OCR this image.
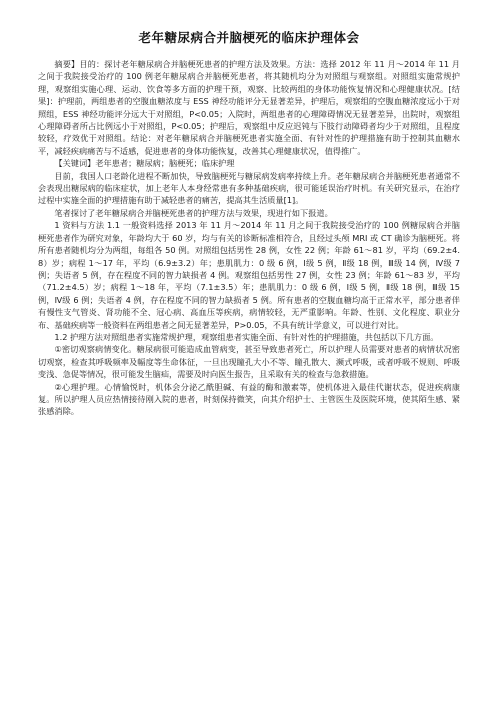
老年糖尿病合并脑梗死的临床护理体会

摘要】目的：探讨老年糖尿病合并脑梗死患者的护理方法及效果。方法：选择 2012 年 11 月～2014 年 11 月之间于我院接受治疗的 100 例老年糖尿病合并脑梗死患者，将其随机均分为对照组与观察组。对照组实施常规护理，观察组实施心理、运动、饮食等多方面的护理干预，观察、比较两组的身体功能恢复情况和心理健康状况。[结果]：护理前，两组患者的空腹血糖浓度与 ESS 神经功能评分无显著差异，护理后，观察组的空腹血糖浓度远小于对照组，ESS 神经功能评分远大于对照组，P<0.05；入院时，两组患者的心理障碍情况无显著差异，出院时，观察组心理障碍者所占比例远小于对照组，P<0.05；护理后，观察组中反应迟钝与下肢行动障碍者均少于对照组，且程度较轻，疗效优于对照组。结论：对老年糖尿病合并脑梗死患者实施全面、有针对性的护理措施有助于控制其血糖水平，减轻疾病痛苦与不适感，促进患者的身体功能恢复，改善其心理健康状况，值得推广。

【关键词】老年患者；糖尿病；脑梗死；临床护理

目前，我国人口老龄化进程不断加快，导致脑梗死与糖尿病发病率持续上升。老年糖尿病合并脑梗死患者通常不会表现出糖尿病的临床症状，加上老年人本身经常患有多种基础疾病，很可能延误治疗时机。有关研究显示，在治疗过程中实施全面的护理措施有助于减轻患者的痛苦，提高其生活质量[1]。

笔者探讨了老年糖尿病合并脑梗死患者的护理方法与效果，现进行如下报道。

1 资料与方法 1.1 一般资料选择 2013 年 11 月～2014 年 11 月之间于我院接受治疗的 100 例糖尿病合并脑梗死患者作为研究对象，年龄均大于 60 岁，均与有关的诊断标准相符合，且经过头颅 MRI 或 CT 确诊为脑梗死。将所有患者随机均分为两组，每组各 50 例。对照组包括男性 28 例，女性 22 例；年龄 61～81 岁，平均（69.2±4.8）岁；病程 1～17 年，平均（6.9±3.2）年；患肌肌力：0 级 6 例，Ⅰ级 5 例，Ⅱ级 18 例，Ⅲ级 14 例，Ⅳ级 7 例；失语者 5 例，存在程度不同的智力缺损者 4 例。观察组包括男性 27 例，女性 23 例；年龄 61～83 岁，平均（71.2±4.5）岁；病程 1～18 年，平均（7.1±3.5）年；患肌肌力：0 级 6 例，Ⅰ级 5 例，Ⅱ级 18 例，Ⅲ级 15 例，Ⅳ级 6 例；失语者 4 例，存在程度不同的智力缺损者 5 例。所有患者的空腹血糖均高于正常水平，部分患者伴有慢性支气管炎、肾功能不全、冠心病、高血压等疾病，病情较轻，无严重影响。年龄、性别、文化程度、职业分布、基础疾病等一般资料在两组患者之间无显著差异，P>0.05，不具有统计学意义，可以进行对比。

1.2 护理方法对照组患者实施常规护理，观察组患者实施全面、有针对性的护理措施，共包括以下几方面。

①密切观察病情变化。糖尿病很可能造成血管病变，甚至导致患者死亡，所以护理人员需要对患者的病情状况密切观察，检查其呼吸频率及幅度等生命体征，一旦出现瞳孔大小不等、瞳孔散大、濒式呼吸，或者呼吸不规则、呼吸变浅、急促等情况，很可能发生脑疝，需要及时向医生报告，且采取有关的检查与急救措施。

②心理护理。心情愉悦时，机体会分泌乙酰胆碱、有益的酶和激素等，使机体进入最佳代谢状态，促进疾病康复。所以护理人员应热情接待刚入院的患者，时刻保持微笑，向其介绍护士、主管医生及医院环境，使其陌生感、紧张感消除。
